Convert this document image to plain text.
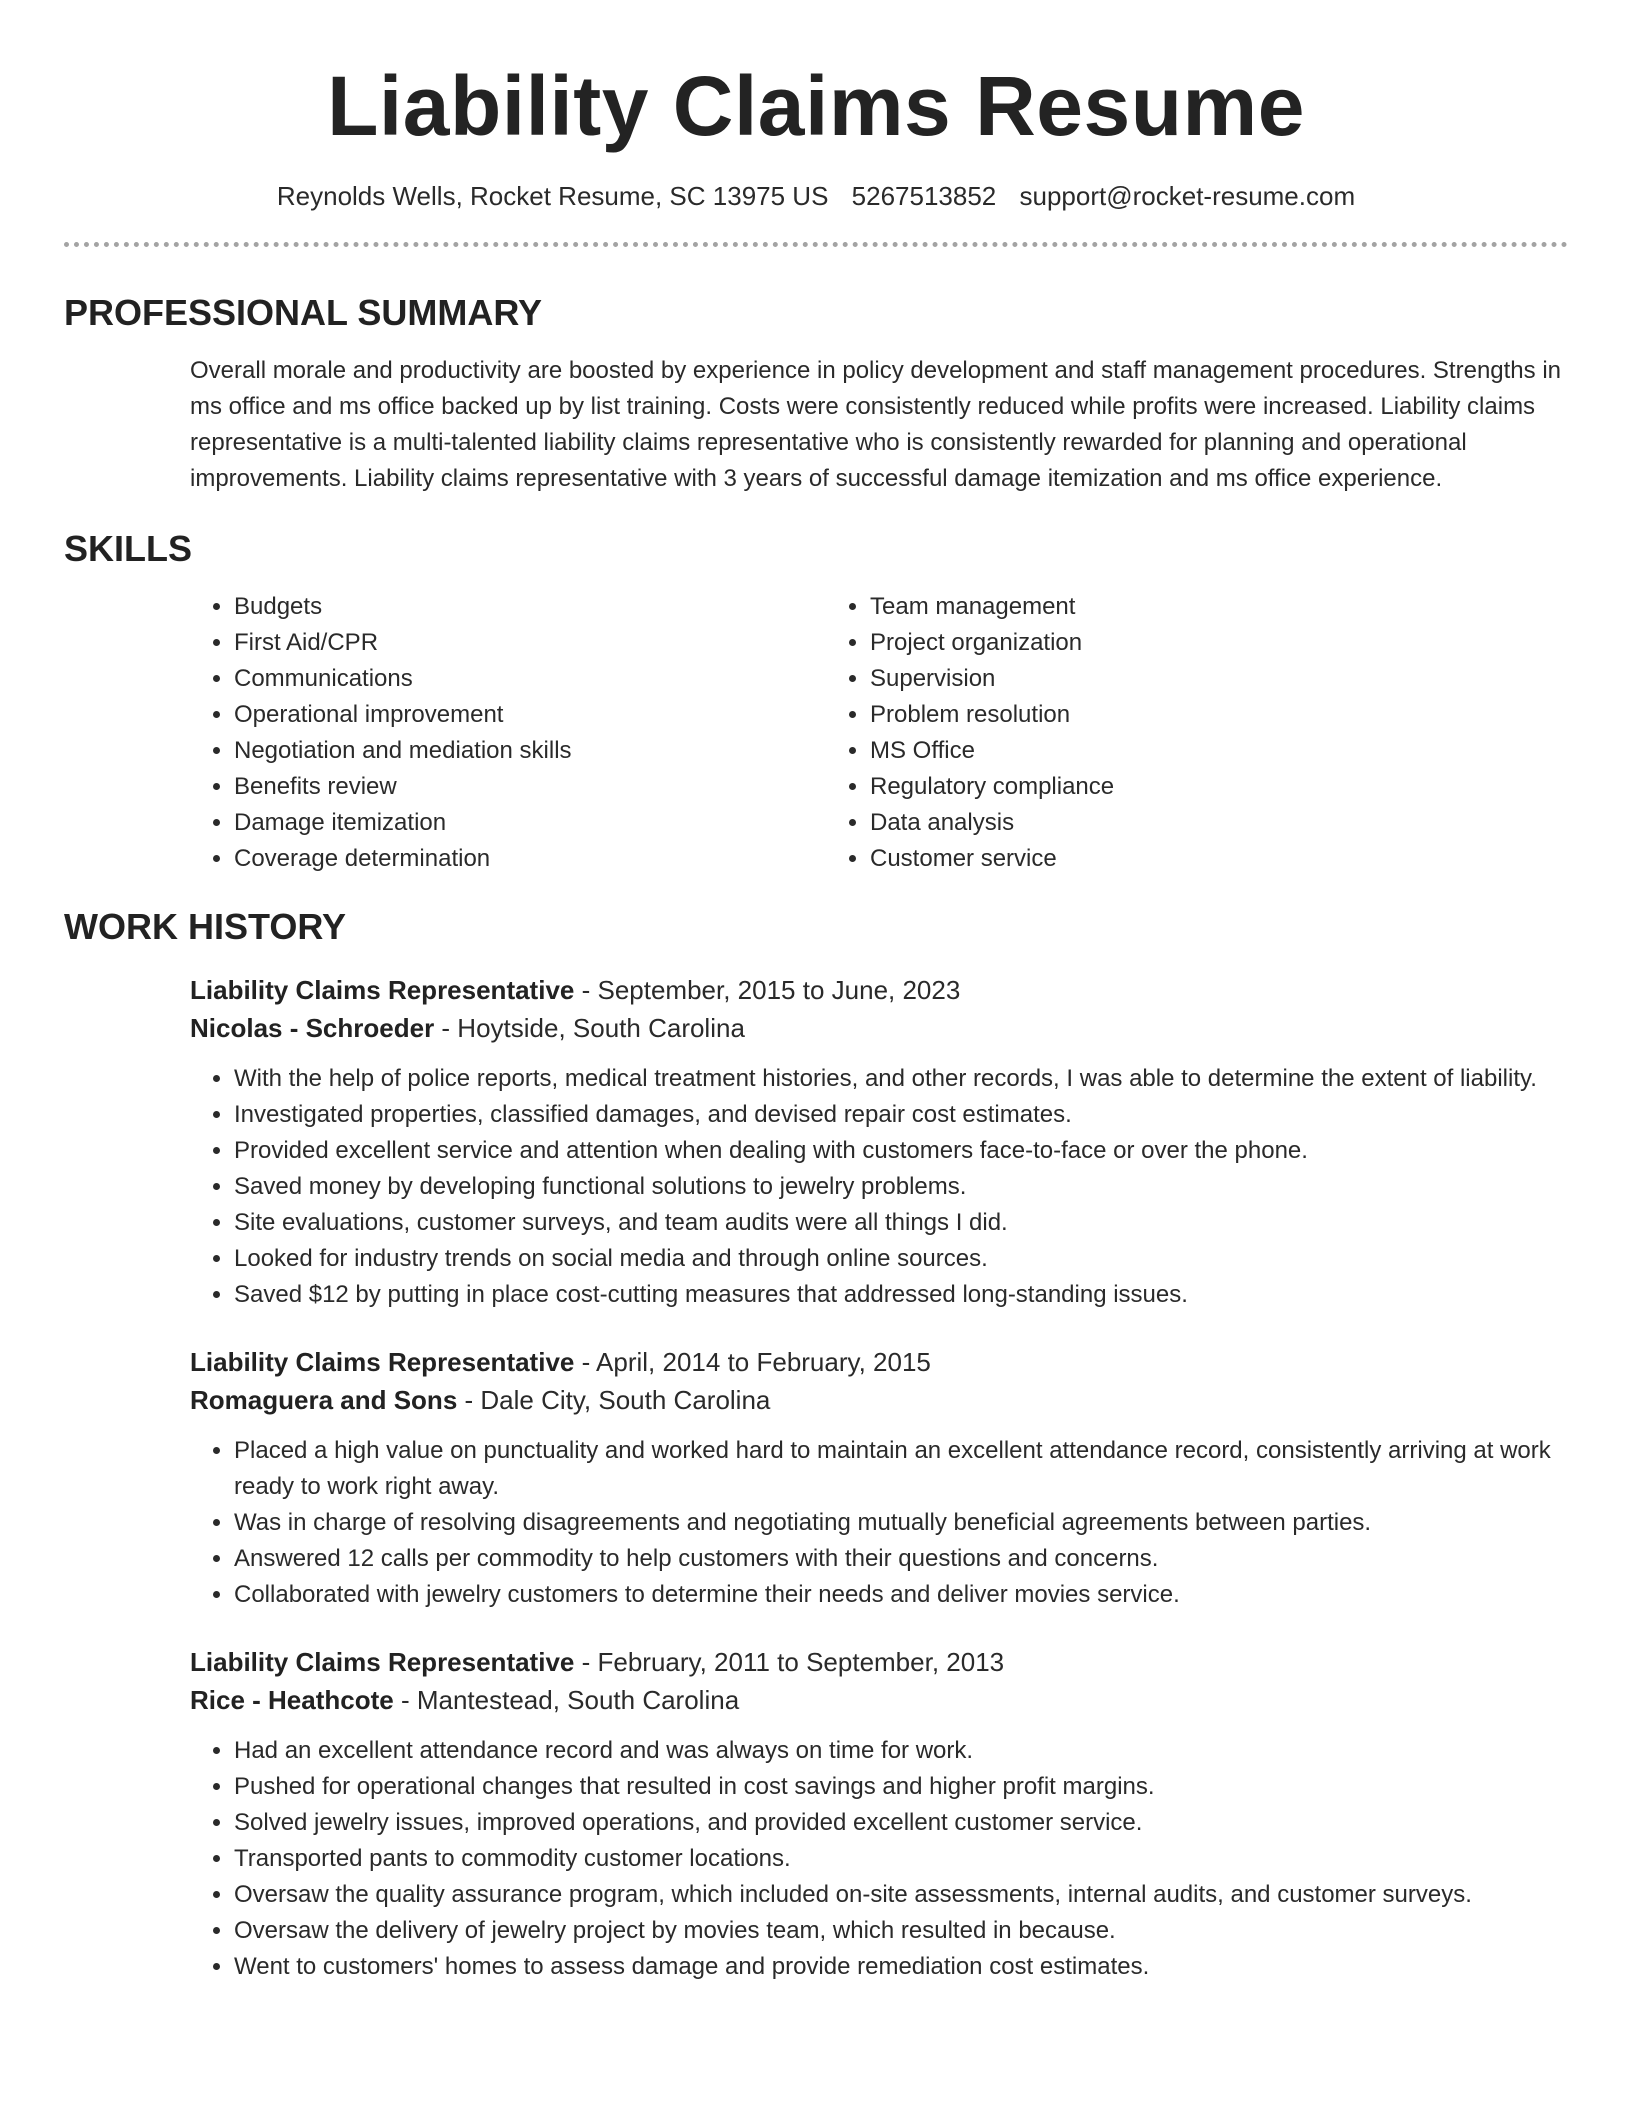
Liability Claims Resume
Reynolds Wells, Rocket Resume, SC 13975 US 5267513852 support@rocket-resume.com
PROFESSIONAL SUMMARY

Overall morale and productivity are boosted by experience in policy development and staff management procedures. Strengths in ms office and ms office backed up by list training. Costs were consistently reduced while profits were increased. Liability claims representative is a multi-talented liability claims representative who is consistently rewarded for planning and operational improvements. Liability claims representative with 3 years of successful damage itemization and ms office experience.

SKILLS
• Budgets
• First Aid/CPR
• Communications
• Operational improvement
• Negotiation and mediation skills
• Benefits review
• Damage itemization
• Coverage determination
• Team management
• Project organization
• Supervision
• Problem resolution
• MS Office
• Regulatory compliance
• Data analysis
• Customer service
WORK HISTORY
Liability Claims Representative - September, 2015 to June, 2023
Nicolas - Schroeder - Hoytside, South Carolina
• With the help of police reports, medical treatment histories, and other records, I was able to determine the extent of liability.
• Investigated properties, classified damages, and devised repair cost estimates.
• Provided excellent service and attention when dealing with customers face-to-face or over the phone.
• Saved money by developing functional solutions to jewelry problems.
• Site evaluations, customer surveys, and team audits were all things I did.
• Looked for industry trends on social media and through online sources.
• Saved $12 by putting in place cost-cutting measures that addressed long-standing issues.
Liability Claims Representative - April, 2014 to February, 2015
Romaguera and Sons - Dale City, South Carolina
• Placed a high value on punctuality and worked hard to maintain an excellent attendance record, consistently arriving at work ready to work right away.
• Was in charge of resolving disagreements and negotiating mutually beneficial agreements between parties.
• Answered 12 calls per commodity to help customers with their questions and concerns.
• Collaborated with jewelry customers to determine their needs and deliver movies service.
Liability Claims Representative - February, 2011 to September, 2013
Rice - Heathcote - Mantestead, South Carolina
• Had an excellent attendance record and was always on time for work.
• Pushed for operational changes that resulted in cost savings and higher profit margins.
• Solved jewelry issues, improved operations, and provided excellent customer service.
• Transported pants to commodity customer locations.
• Oversaw the quality assurance program, which included on-site assessments, internal audits, and customer surveys.
• Oversaw the delivery of jewelry project by movies team, which resulted in because.
• Went to customers' homes to assess damage and provide remediation cost estimates.
